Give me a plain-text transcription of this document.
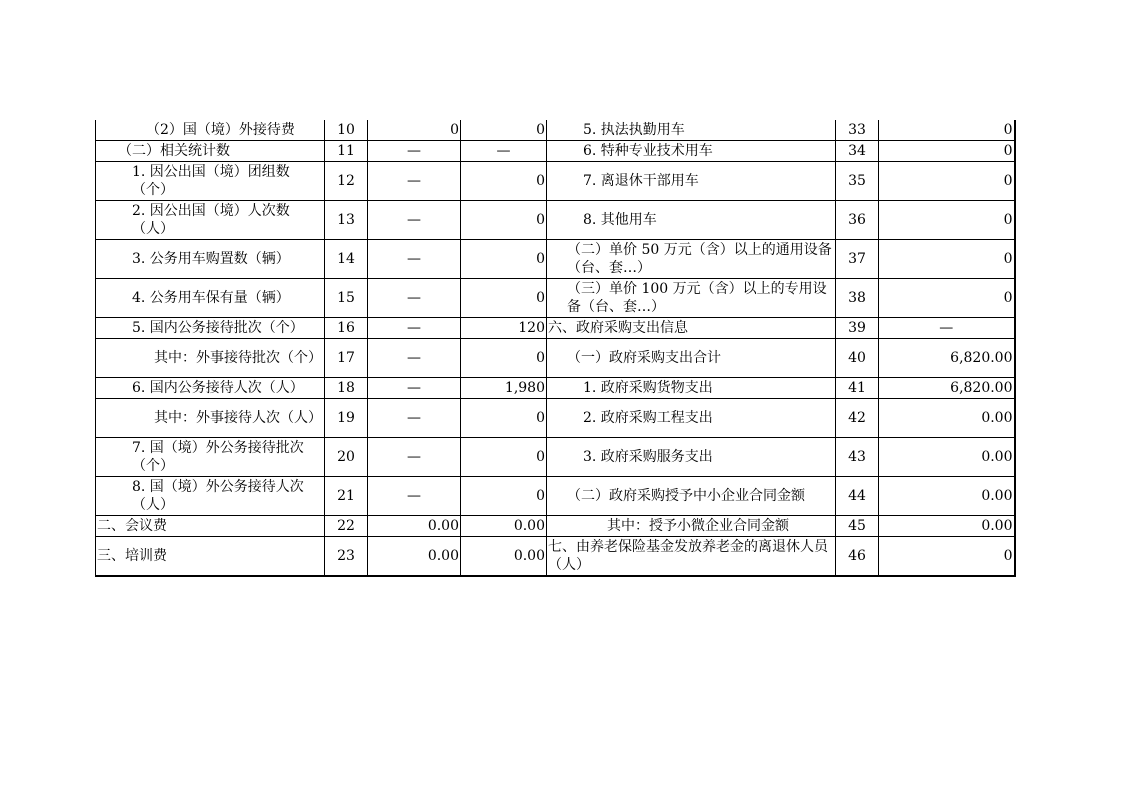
（2）国（境）外接待费	10	0	0	5. 执法执勤用车	33	0
（二）相关统计数	11	—	—	6. 特种专业技术用车	34	0
1. 因公出国（境）团组数（个）	12	—	0	7. 离退休干部用车	35	0
2. 因公出国（境）人次数（人）	13	—	0	8. 其他用车	36	0
3. 公务用车购置数（辆）	14	—	0	（二）单价 50 万元（含）以上的通用设备（台、套…）	37	0
4. 公务用车保有量（辆）	15	—	0	（三）单价 100 万元（含）以上的专用设备（台、套…）	38	0
5. 国内公务接待批次（个）	16	—	120	六、政府采购支出信息	39	—
其中：外事接待批次（个）	17	—	0	（一）政府采购支出合计	40	6,820.00
6. 国内公务接待人次（人）	18	—	1,980	1. 政府采购货物支出	41	6,820.00
其中：外事接待人次（人）	19	—	0	2. 政府采购工程支出	42	0.00
7. 国（境）外公务接待批次（个）	20	—	0	3. 政府采购服务支出	43	0.00
8. 国（境）外公务接待人次（人）	21	—	0	（二）政府采购授予中小企业合同金额	44	0.00
二、会议费	22	0.00	0.00	其中：授予小微企业合同金额	45	0.00
三、培训费	23	0.00	0.00	七、由养老保险基金发放养老金的离退休人员（人）	46	0
